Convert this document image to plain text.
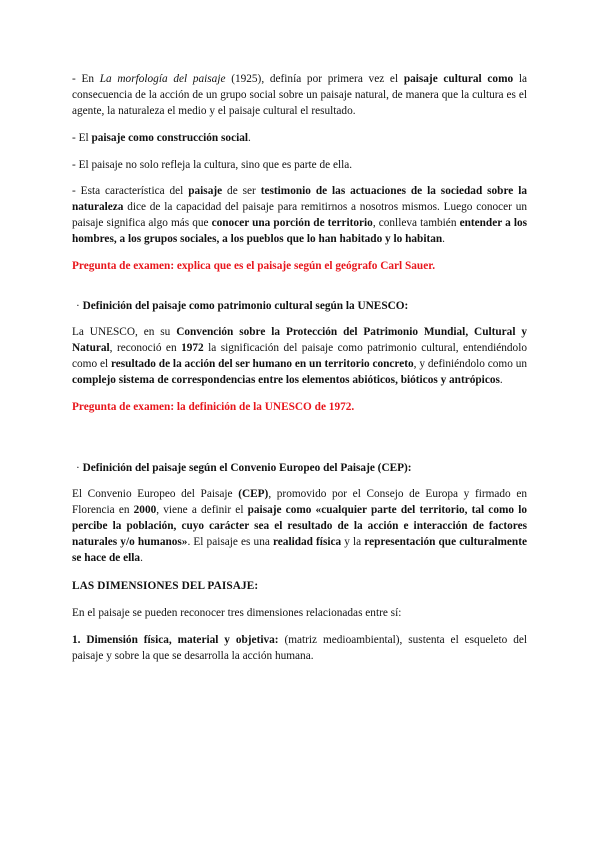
- En La morfología del paisaje (1925), definía por primera vez el paisaje cultural como la consecuencia de la acción de un grupo social sobre un paisaje natural, de manera que la cultura es el agente, la naturaleza el medio y el paisaje cultural el resultado.

- El paisaje como construcción social.

- El paisaje no solo refleja la cultura, sino que es parte de ella.

- Esta característica del paisaje de ser testimonio de las actuaciones de la sociedad sobre la naturaleza dice de la capacidad del paisaje para remitirnos a nosotros mismos. Luego conocer un paisaje significa algo más que conocer una porción de territorio, conlleva también entender a los hombres, a los grupos sociales, a los pueblos que lo han habitado y lo habitan.

Pregunta de examen: explica que es el paisaje según el geógrafo Carl Sauer.

· Definición del paisaje como patrimonio cultural según la UNESCO:

La UNESCO, en su Convención sobre la Protección del Patrimonio Mundial, Cultural y Natural, reconoció en 1972 la significación del paisaje como patrimonio cultural, entendiéndolo como el resultado de la acción del ser humano en un territorio concreto, y definiéndolo como un complejo sistema de correspondencias entre los elementos abióticos, bióticos y antrópicos.

Pregunta de examen: la definición de la UNESCO de 1972.

· Definición del paisaje según el Convenio Europeo del Paisaje (CEP):

El Convenio Europeo del Paisaje (CEP), promovido por el Consejo de Europa y firmado en Florencia en 2000, viene a definir el paisaje como «cualquier parte del territorio, tal como lo percibe la población, cuyo carácter sea el resultado de la acción e interacción de factores naturales y/o humanos». El paisaje es una realidad física y la representación que culturalmente se hace de ella.

LAS DIMENSIONES DEL PAISAJE:

En el paisaje se pueden reconocer tres dimensiones relacionadas entre sí:

1. Dimensión física, material y objetiva: (matriz medioambiental), sustenta el esqueleto del paisaje y sobre la que se desarrolla la acción humana.
